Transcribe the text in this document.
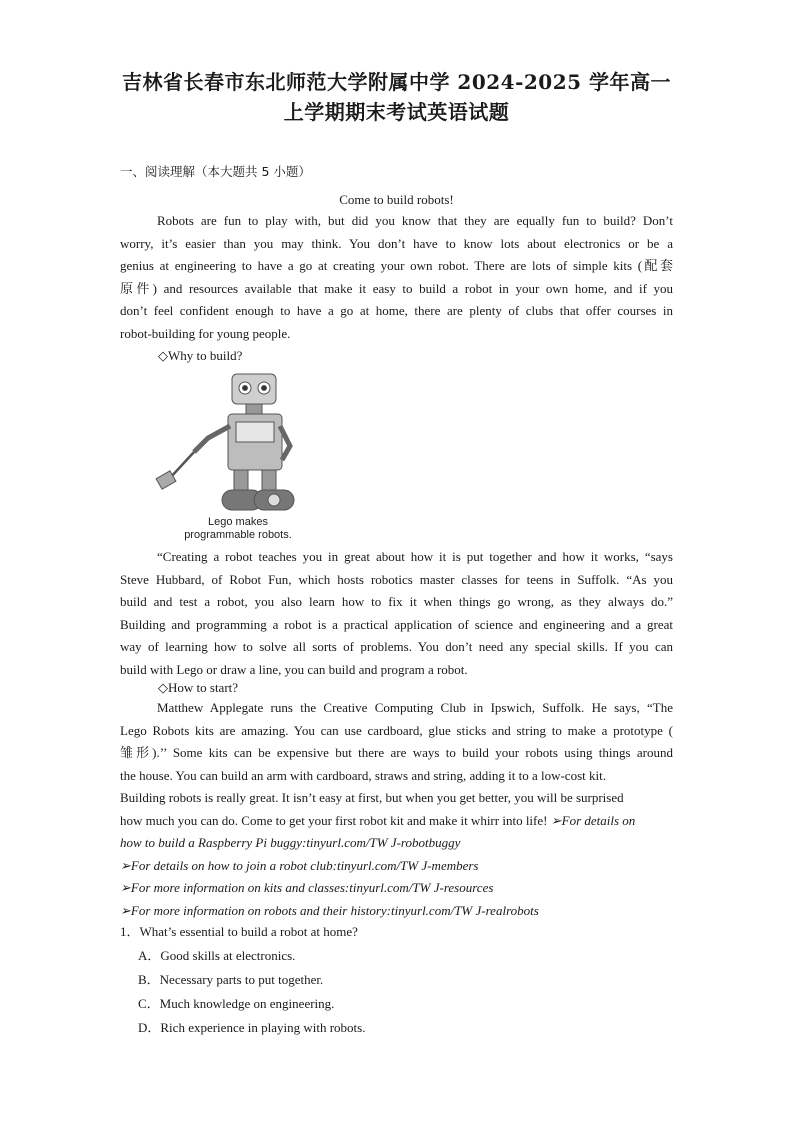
吉林省长春市东北师范大学附属中学 2024-2025 学年高一
上学期期末考试英语试题
一、阅读理解（本大题共 5 小题）
Come to build robots!
Robots are fun to play with, but did you know that they are equally fun to build? Don’t
worry, it’s easier than you may think. You don’t have to know lots about electronics or be a
genius at engineering to have a go at creating your own robot. There are lots of simple kits (配套
原件) and resources available that make it easy to build a robot in your own home, and if you
don’t feel confident enough to have a go at home, there are plenty of clubs that offer courses in
robot-building for young people.
◇Why to build?
Lego makes
programmable robots.
“Creating a robot teaches you in great about how it is put together and how it works, “says
Steve Hubbard, of Robot Fun, which hosts robotics master classes for teens in Suffolk. “As you
build and test a robot, you also learn how to fix it when things go wrong, as they always do.”
Building and programming a robot is a practical application of science and engineering and a great
way of learning how to solve all sorts of problems. You don’t need any special skills. If you can
build with Lego or draw a line, you can build and program a robot.
◇How to start?
Matthew Applegate runs the Creative Computing Club in Ipswich, Suffolk. He says, “The
Lego Robots kits are amazing. You can use cardboard, glue sticks and string to make a prototype (
雏形).’’ Some kits can be expensive but there are ways to build your robots using things around
the house. You can build an arm with cardboard, straws and string, adding it to a low-cost kit.
Building robots is really great. It isn’t easy at first, but when you get better, you will be surprised
how much you can do. Come to get your first robot kit and make it whirr into life! ➢For details on
how to build a Raspberry Pi buggy:tinyurl.com/TW J-robotbuggy
➢For details on how to join a robot club:tinyurl.com/TW J-members
➢For more information on kits and classes:tinyurl.com/TW J-resources
➢For more information on robots and their history:tinyurl.com/TW J-realrobots
1．What’s essential to build a robot at home?
A．Good skills at electronics.
B．Necessary parts to put together.
C．Much knowledge on engineering.
D．Rich experience in playing with robots.
